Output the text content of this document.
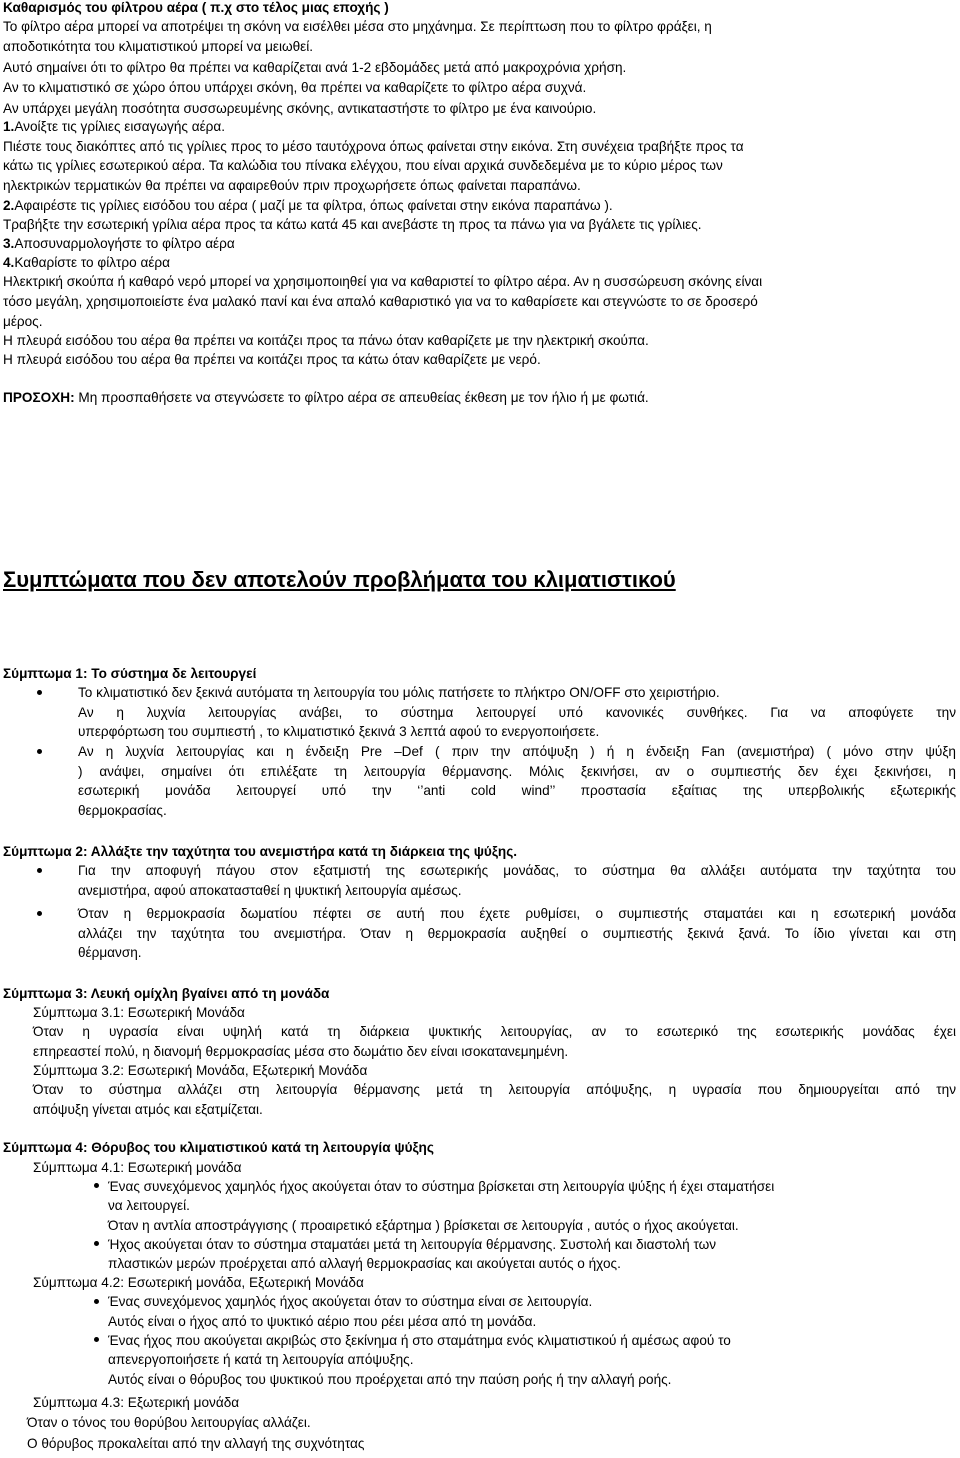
Καθαρισμός του φίλτρου αέρα ( π.χ στο τέλος μιας εποχής )
Το φίλτρο αέρα μπορεί να αποτρέψει τη σκόνη να εισέλθει μέσα στο μηχάνημα. Σε περίπτωση που το φίλτρο φράξει, η
αποδοτικότητα του κλιματιστικού μπορεί να μειωθεί.
Αυτό σημαίνει ότι το φίλτρο θα πρέπει να καθαρίζεται ανά 1-2 εβδομάδες μετά από μακροχρόνια χρήση.
Αν το κλιματιστικό σε χώρο όπου υπάρχει σκόνη, θα πρέπει να καθαρίζετε το φίλτρο αέρα συχνά.
Αν υπάρχει μεγάλη ποσότητα συσσωρευμένης σκόνης, αντικαταστήστε το φίλτρο με ένα καινούριο.
1.Ανοίξτε τις γρίλιες εισαγωγής αέρα.
Πιέστε τους διακόπτες από τις γρίλιες προς το μέσο ταυτόχρονα όπως φαίνεται στην εικόνα. Στη συνέχεια τραβήξτε προς τα
κάτω τις γρίλιες εσωτερικού αέρα. Τα καλώδια του πίνακα ελέγχου, που είναι αρχικά συνδεδεμένα με το κύριο μέρος των
ηλεκτρικών τερματικών θα πρέπει να αφαιρεθούν πριν προχωρήσετε όπως φαίνεται παραπάνω.
2.Αφαιρέστε τις γρίλιες εισόδου του αέρα ( μαζί με τα φίλτρα, όπως φαίνεται στην εικόνα παραπάνω ).
Τραβήξτε την εσωτερική γρίλια αέρα προς τα κάτω κατά 45 και ανεβάστε τη προς τα πάνω για να βγάλετε τις γρίλιες.
3.Αποσυναρμολογήστε το φίλτρο αέρα
4.Καθαρίστε το φίλτρο αέρα
Ηλεκτρική σκούπα ή καθαρό νερό μπορεί να χρησιμοποιηθεί για να καθαριστεί το φίλτρο αέρα. Αν η συσσώρευση σκόνης είναι
τόσο μεγάλη, χρησιμοποιείστε ένα μαλακό πανί και ένα απαλό καθαριστικό για να το καθαρίσετε και στεγνώστε το σε δροσερό
μέρος.
Η πλευρά εισόδου του αέρα θα πρέπει να κοιτάζει προς τα πάνω όταν καθαρίζετε με την ηλεκτρική σκούπα.
Η πλευρά εισόδου του αέρα θα πρέπει να κοιτάζει προς τα κάτω όταν καθαρίζετε με νερό.
ΠΡΟΣΟΧΗ: Μη προσπαθήσετε να στεγνώσετε το φίλτρο αέρα σε απευθείας έκθεση με τον ήλιο ή με φωτιά.
Συμπτώματα που δεν αποτελούν προβλήματα του κλιματιστικού
Σύμπτωμα 1: Το σύστημα δε λειτουργεί
Το κλιματιστικό δεν ξεκινά αυτόματα τη λειτουργία του μόλις πατήσετε το πλήκτρο ON/OFF στο χειριστήριο.
Αν η λυχνία λειτουργίας ανάβει, το σύστημα λειτουργεί υπό κανονικές συνθήκες. Για να αποφύγετε την
υπερφόρτωση του συμπιεστή , το κλιματιστικό ξεκινά 3 λεπτά αφού το ενεργοποιήσετε.
Αν η λυχνία λειτουργίας και η ένδειξη Pre –Def ( πριν την απόψυξη ) ή η ένδειξη Fan (ανεμιστήρα) ( μόνο στην ψύξη
) ανάψει, σημαίνει ότι επιλέξατε τη λειτουργία θέρμανσης. Μόλις ξεκινήσει, αν ο συμπιεστής δεν έχει ξεκινήσει, η
εσωτερική μονάδα λειτουργεί υπό την ‘’anti cold wind’’ προστασία εξαίτιας της υπερβολικής εξωτερικής
θερμοκρασίας.
Σύμπτωμα 2: Αλλάξτε την ταχύτητα του ανεμιστήρα κατά τη διάρκεια της ψύξης.
Για την αποφυγή πάγου στον εξατμιστή της εσωτερικής μονάδας, το σύστημα θα αλλάξει αυτόματα την ταχύτητα του
ανεμιστήρα, αφού αποκατασταθεί η ψυκτική λειτουργία αμέσως.
Όταν η θερμοκρασία δωματίου πέφτει σε αυτή που έχετε ρυθμίσει, ο συμπιεστής σταματάει και η εσωτερική μονάδα
αλλάζει την ταχύτητα του ανεμιστήρα. Όταν η θερμοκρασία αυξηθεί ο συμπιεστής ξεκινά ξανά. Το ίδιο γίνεται και στη
θέρμανση.
Σύμπτωμα 3: Λευκή ομίχλη βγαίνει από τη μονάδα
Σύμπτωμα 3.1: Εσωτερική Μονάδα
Όταν η υγρασία είναι υψηλή κατά τη διάρκεια ψυκτικής λειτουργίας, αν το εσωτερικό της εσωτερικής μονάδας έχει
επηρεαστεί πολύ, η διανομή θερμοκρασίας μέσα στο δωμάτιο δεν είναι ισοκατανεμημένη.
Σύμπτωμα 3.2: Εσωτερική Μονάδα, Εξωτερική Μονάδα
Όταν το σύστημα αλλάζει στη λειτουργία θέρμανσης μετά τη λειτουργία απόψυξης, η υγρασία που δημιουργείται από την
απόψυξη γίνεται ατμός και εξατμίζεται.
Σύμπτωμα 4: Θόρυβος του κλιματιστικού κατά τη λειτουργία ψύξης
Σύμπτωμα 4.1: Εσωτερική μονάδα
Ένας συνεχόμενος χαμηλός ήχος ακούγεται όταν το σύστημα βρίσκεται στη λειτουργία ψύξης ή έχει σταματήσει
να λειτουργεί.
Όταν η αντλία αποστράγγισης ( προαιρετικό εξάρτημα ) βρίσκεται σε λειτουργία , αυτός ο ήχος ακούγεται.
Ήχος ακούγεται όταν το σύστημα σταματάει μετά τη λειτουργία θέρμανσης. Συστολή και διαστολή των
πλαστικών μερών προέρχεται από αλλαγή θερμοκρασίας και ακούγεται αυτός ο ήχος.
Σύμπτωμα 4.2: Εσωτερική μονάδα, Εξωτερική Μονάδα
Ένας συνεχόμενος χαμηλός ήχος ακούγεται όταν το σύστημα είναι σε λειτουργία.
Αυτός είναι ο ήχος από το ψυκτικό αέριο που ρέει μέσα από τη μονάδα.
Ένας ήχος που ακούγεται ακριβώς στο ξεκίνημα ή στο σταμάτημα ενός κλιματιστικού ή αμέσως αφού το
απενεργοποιήσετε ή κατά τη λειτουργία απόψυξης.
Αυτός είναι ο θόρυβος του ψυκτικού που προέρχεται από την παύση ροής ή την αλλαγή ροής.
Σύμπτωμα 4.3: Εξωτερική μονάδα
Όταν ο τόνος του θορύβου λειτουργίας αλλάζει.
Ο θόρυβος προκαλείται από την αλλαγή της συχνότητας
